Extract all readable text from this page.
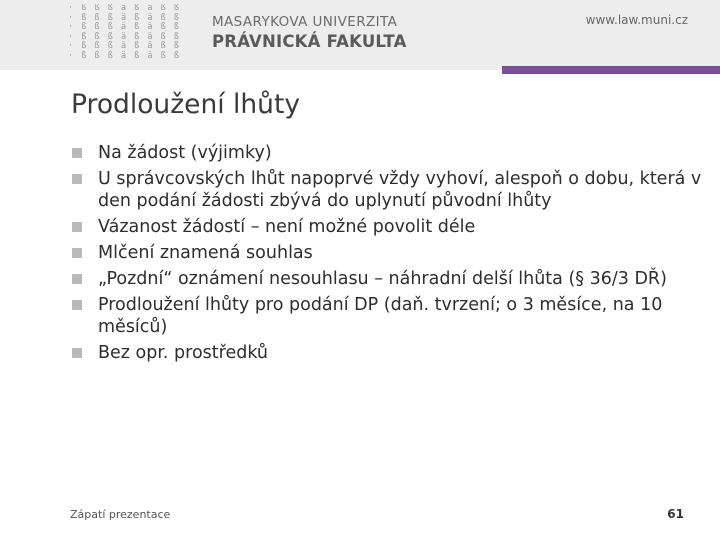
· ß ß ß ä ß ä ß ß
· ß ß ß ä ß ä ß ß
· ß ß ß ä ß ä ß ß
· ß ß ß ä ß ä ß ß
· ß ß ß ä ß ä ß ß
· ß ß ß ä ß ä ß ß
MASARYKOVA UNIVERZITA
PRÁVNICKÁ FAKULTA
www.law.muni.cz
Prodloužení lhůty
Na žádost (výjimky)
U správcovských lhůt napoprvé vždy vyhoví, alespoň o dobu, která v den podání žádosti zbývá do uplynutí původní lhůty
Vázanost žádostí – není možné povolit déle
Mlčení znamená souhlas
„Pozdní“ oznámení nesouhlasu – náhradní delší lhůta (§ 36/3 DŘ)
Prodloužení lhůty pro podání DP (daň. tvrzení; o 3 měsíce, na 10 měsíců)
Bez opr. prostředků
Zápatí prezentace	61
